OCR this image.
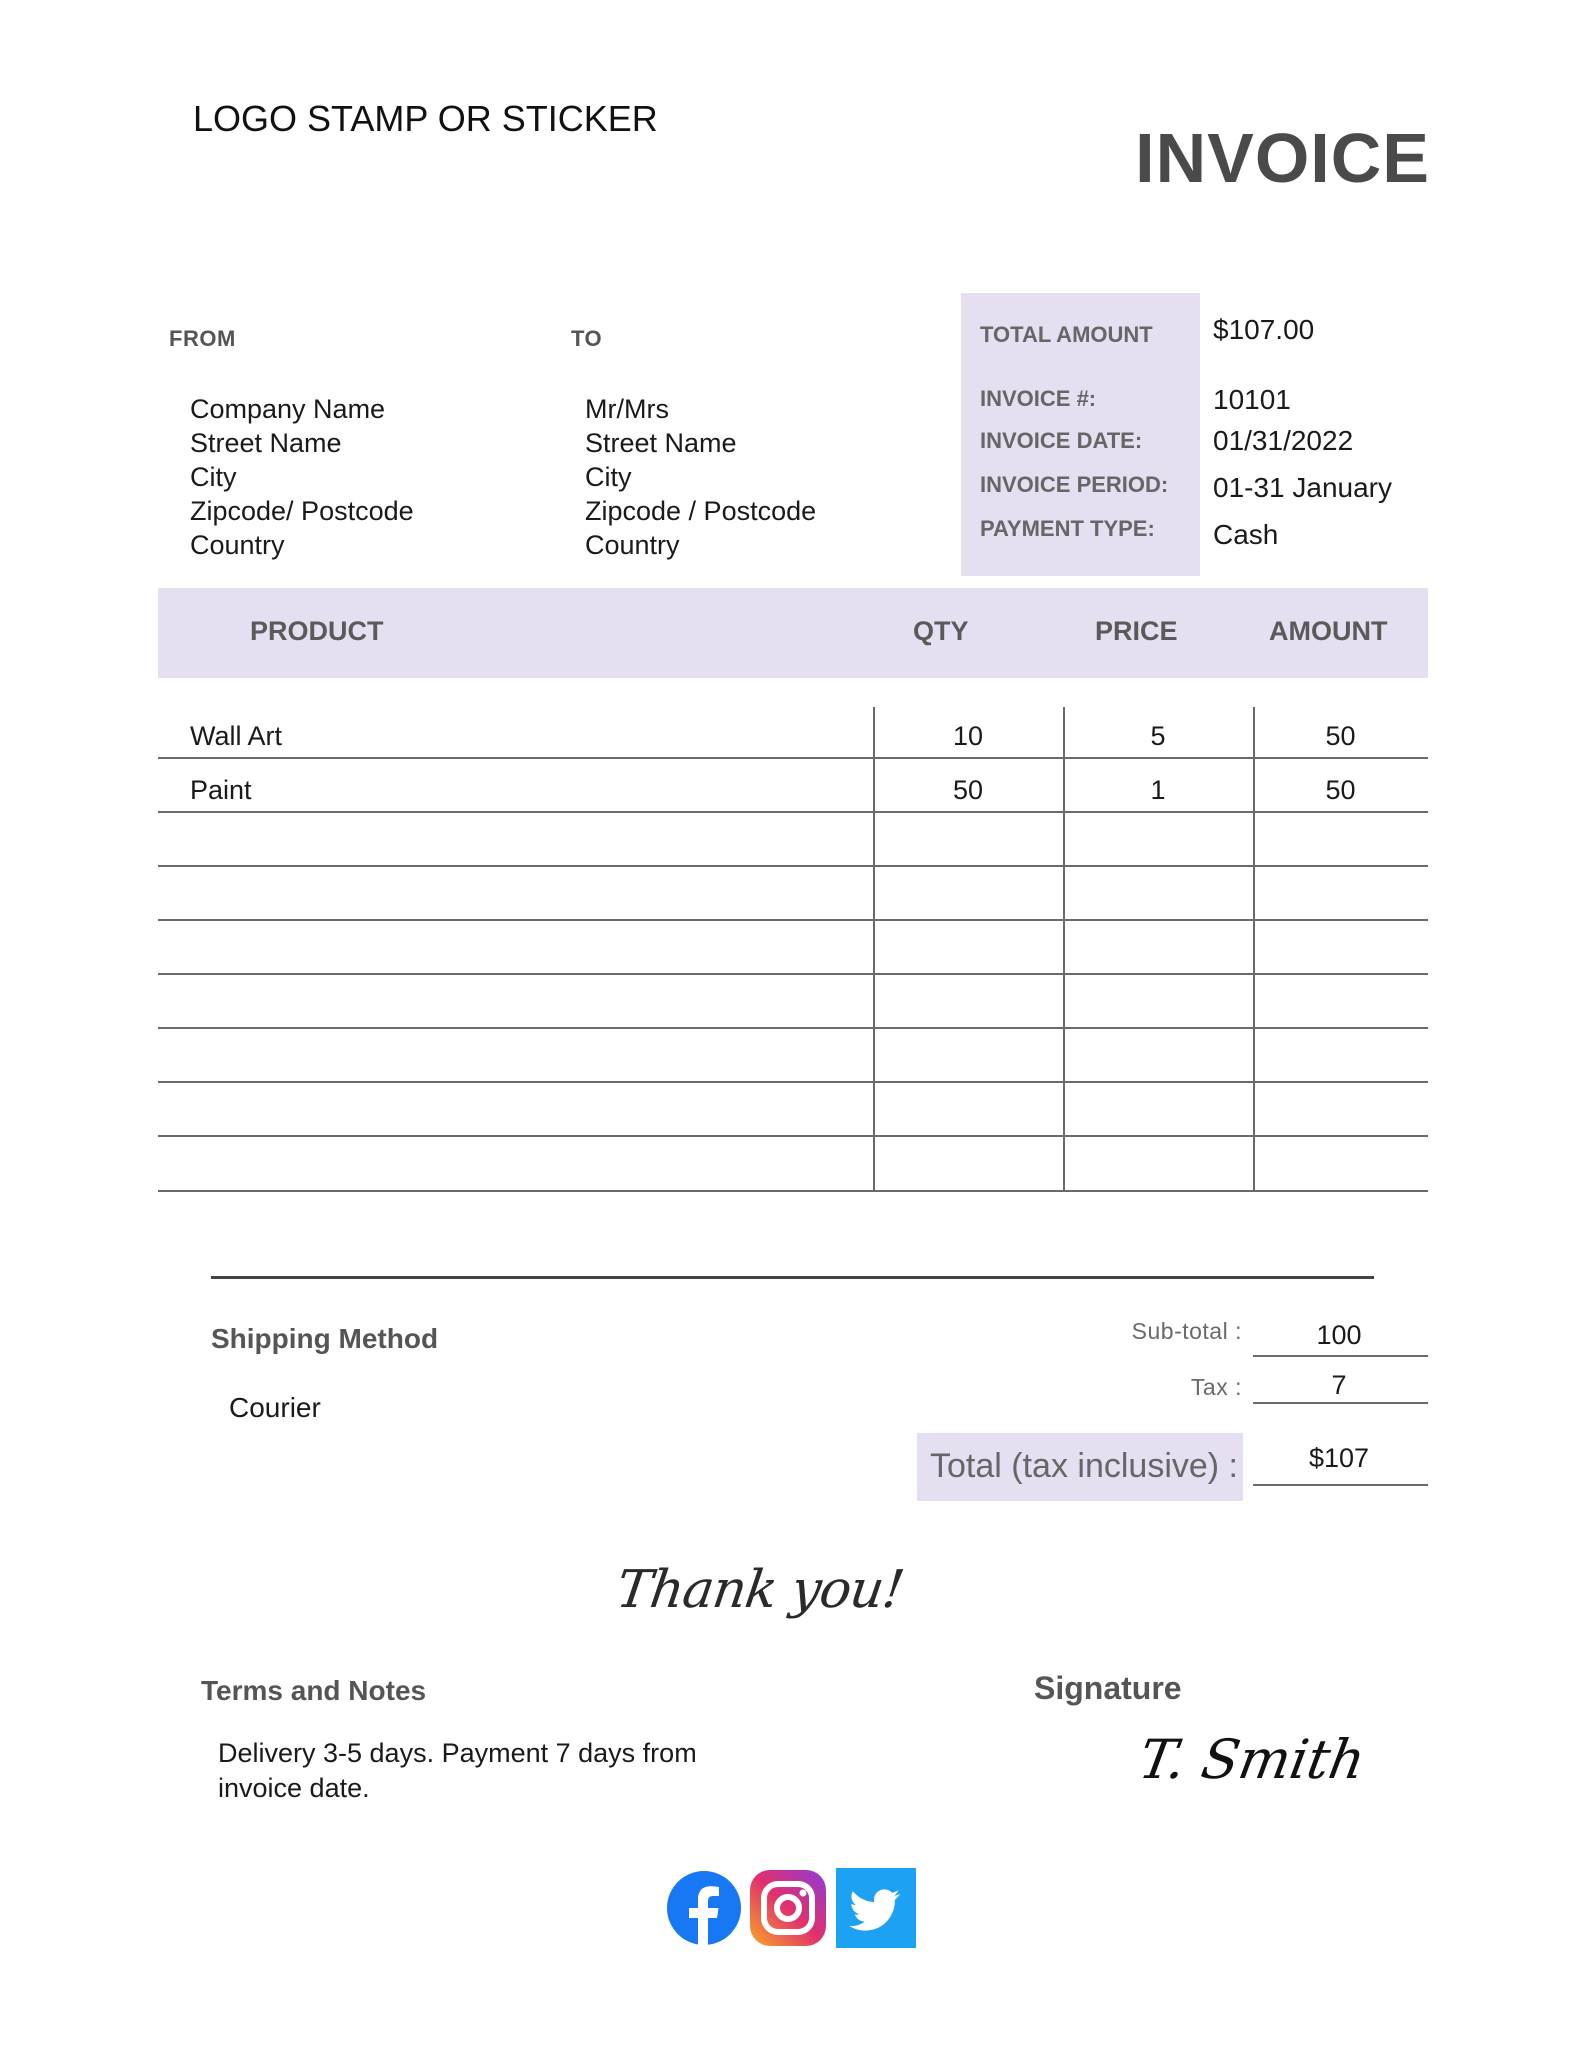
LOGO STAMP OR STICKER
INVOICE
FROM
Company Name
Street Name
City
Zipcode/ Postcode
Country
TO
Mr/Mrs
Street Name
City
Zipcode / Postcode
Country
TOTAL AMOUNT $107.00
INVOICE #:	10101
INVOICE DATE:	01/31/2022
INVOICE PERIOD: 01-31 January
PAYMENT TYPE: Cash
PRODUCT	QTY	PRICE	AMOUNT
Wall Art	10	5	50
Paint	50	1	50
Shipping Method
Courier
Sub-total :	100
Tax :	7
Total (tax inclusive) :	$107
Thank you!
Terms and Notes
Delivery 3-5 days. Payment 7 days from invoice date.
Signature
T. Smith
